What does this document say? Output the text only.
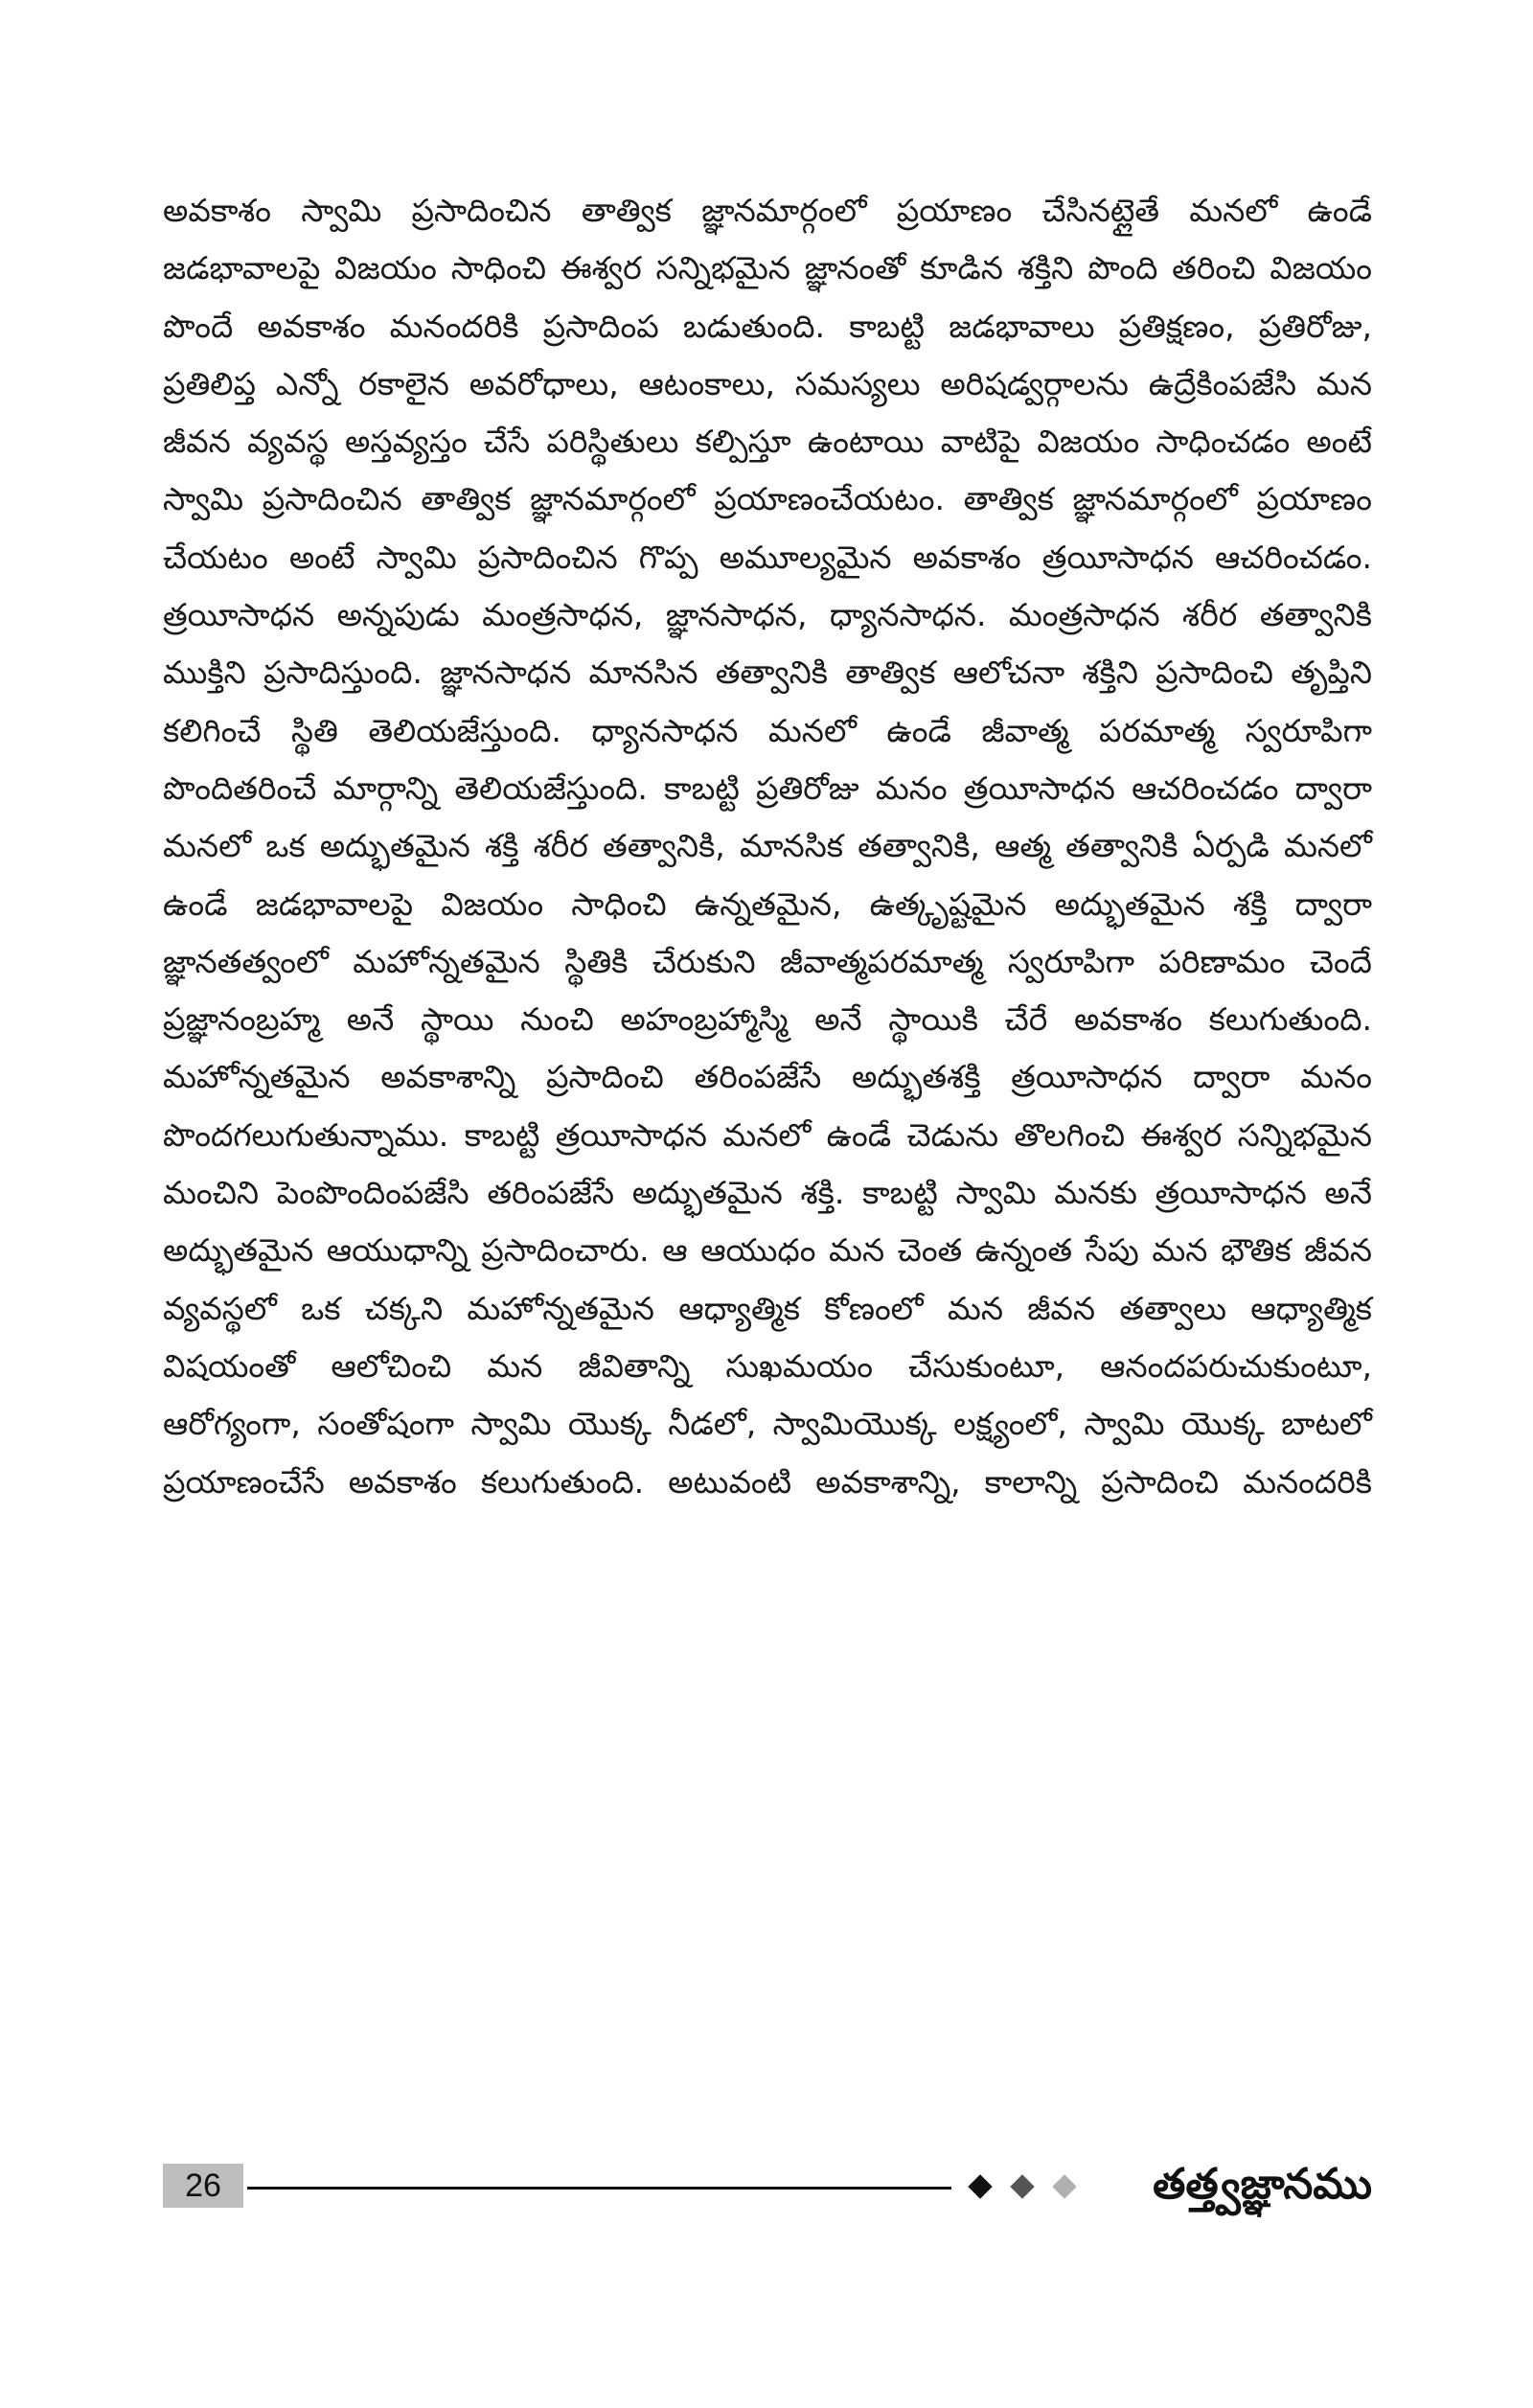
అవకాశం స్వామి ప్రసాదించిన తాత్విక జ్ఞానమార్గంలో ప్రయాణం చేసినట్లైతే మనలో ఉండే జడభావాలపై విజయం సాధించి ఈశ్వర సన్నిభమైన జ్ఞానంతో కూడిన శక్తిని పొంది తరించి విజయం పొందే అవకాశం మనందరికి ప్రసాదింప బడుతుంది. కాబట్టి జడభావాలు ప్రతిక్షణం, ప్రతిరోజు, ప్రతిలిప్త ఎన్నో రకాలైన అవరోధాలు, ఆటంకాలు, సమస్యలు అరిషడ్వర్గాలను ఉద్రేకింపజేసి మన జీవన వ్యవస్థ అస్తవ్యస్తం చేసే పరిస్థితులు కల్పిస్తూ ఉంటాయి వాటిపై విజయం సాధించడం అంటే స్వామి ప్రసాదించిన తాత్విక జ్ఞానమార్గంలో ప్రయాణంచేయటం. తాత్విక జ్ఞానమార్గంలో ప్రయాణం చేయటం అంటే స్వామి ప్రసాదించిన గొప్ప అమూల్యమైన అవకాశం త్రయీసాధన ఆచరించడం. త్రయీసాధన అన్నపుడు మంత్రసాధన, జ్ఞానసాధన, ధ్యానసాధన. మంత్రసాధన శరీర తత్వానికి ముక్తిని ప్రసాదిస్తుంది. జ్ఞానసాధన మానసిన తత్వానికి తాత్విక ఆలోచనా శక్తిని ప్రసాదించి తృప్తిని కలిగించే స్థితి తెలియజేస్తుంది. ధ్యానసాధన మనలో ఉండే జీవాత్మ పరమాత్మ స్వరూపిగా పొందితరించే మార్గాన్ని తెలియజేస్తుంది. కాబట్టి ప్రతిరోజు మనం త్రయీసాధన ఆచరించడం ద్వారా మనలో ఒక అద్భుతమైన శక్తి శరీర తత్వానికి, మానసిక తత్వానికి, ఆత్మ తత్వానికి ఏర్పడి మనలో ఉండే జడభావాలపై విజయం సాధించి ఉన్నతమైన, ఉత్కృష్టమైన అద్భుతమైన శక్తి ద్వారా జ్ఞానతత్వంలో మహోన్నతమైన స్థితికి చేరుకుని జీవాత్మపరమాత్మ స్వరూపిగా పరిణామం చెందే ప్రజ్ఞానంబ్రహ్మ అనే స్థాయి నుంచి అహంబ్రహ్మాస్మి అనే స్థాయికి చేరే అవకాశం కలుగుతుంది. మహోన్నతమైన అవకాశాన్ని ప్రసాదించి తరింపజేసే అద్భుతశక్తి త్రయీసాధన ద్వారా మనం పొందగలుగుతున్నాము. కాబట్టి త్రయీసాధన మనలో ఉండే చెడును తొలగించి ఈశ్వర సన్నిభమైన మంచిని పెంపొందింపజేసి తరింపజేసే అద్భుతమైన శక్తి. కాబట్టి స్వామి మనకు త్రయీసాధన అనే అద్భుతమైన ఆయుధాన్ని ప్రసాదించారు. ఆ ఆయుధం మన చెంత ఉన్నంత సేపు మన భౌతిక జీవన వ్యవస్థలో ఒక చక్కని మహోన్నతమైన ఆధ్యాత్మిక కోణంలో మన జీవన తత్వాలు ఆధ్యాత్మిక విషయంతో ఆలోచించి మన జీవితాన్ని సుఖమయం చేసుకుంటూ, ఆనందపరుచుకుంటూ, ఆరోగ్యంగా, సంతోషంగా స్వామి యొక్క నీడలో, స్వామియొక్క లక్ష్యంలో, స్వామి యొక్క బాటలో ప్రయాణంచేసే అవకాశం కలుగుతుంది. అటువంటి అవకాశాన్ని, కాలాన్ని ప్రసాదించి మనందరికి

26	తత్త్వజ్ఞానము
